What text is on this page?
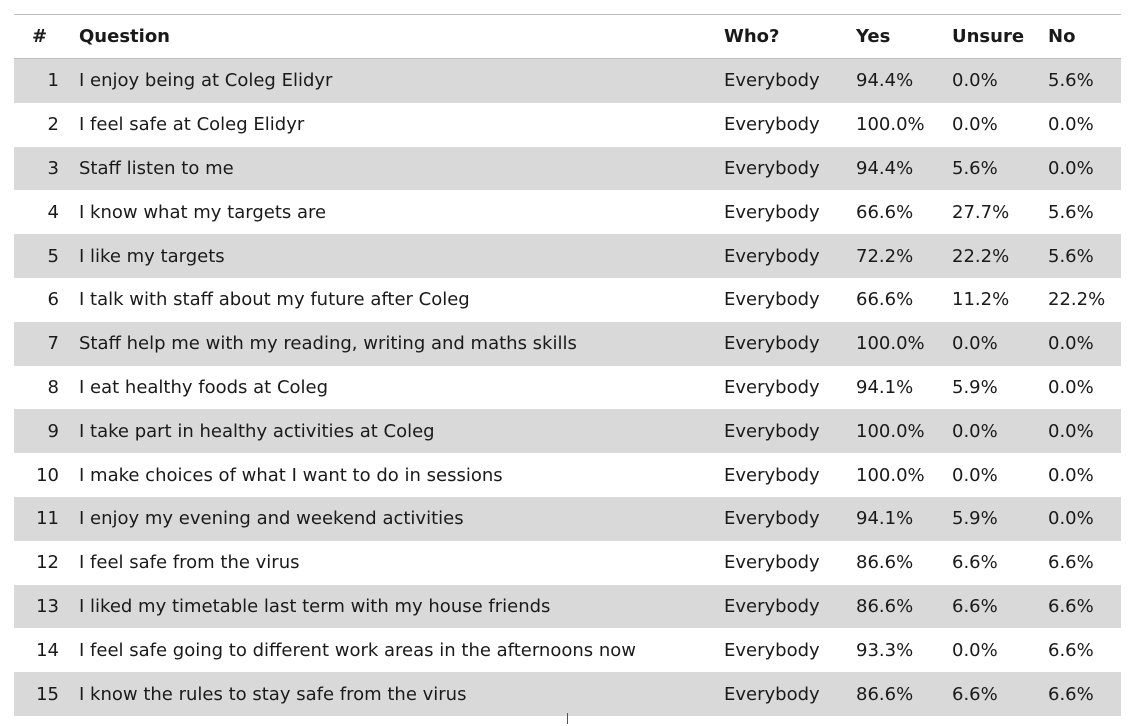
#	Question	Who?	Yes	Unsure	No
1	I enjoy being at Coleg Elidyr	Everybody	94.4%	0.0%	5.6%
2	I feel safe at Coleg Elidyr	Everybody	100.0%	0.0%	0.0%
3	Staff listen to me	Everybody	94.4%	5.6%	0.0%
4	I know what my targets are	Everybody	66.6%	27.7%	5.6%
5	I like my targets	Everybody	72.2%	22.2%	5.6%
6	I talk with staff about my future after Coleg	Everybody	66.6%	11.2%	22.2%
7	Staff help me with my reading, writing and maths skills	Everybody	100.0%	0.0%	0.0%
8	I eat healthy foods at Coleg	Everybody	94.1%	5.9%	0.0%
9	I take part in healthy activities at Coleg	Everybody	100.0%	0.0%	0.0%
10	I make choices of what I want to do in sessions	Everybody	100.0%	0.0%	0.0%
11	I enjoy my evening and weekend activities	Everybody	94.1%	5.9%	0.0%
12	I feel safe from the virus	Everybody	86.6%	6.6%	6.6%
13	I liked my timetable last term with my house friends	Everybody	86.6%	6.6%	6.6%
14	I feel safe going to different work areas in the afternoons now	Everybody	93.3%	0.0%	6.6%
15	I know the rules to stay safe from the virus	Everybody	86.6%	6.6%	6.6%
